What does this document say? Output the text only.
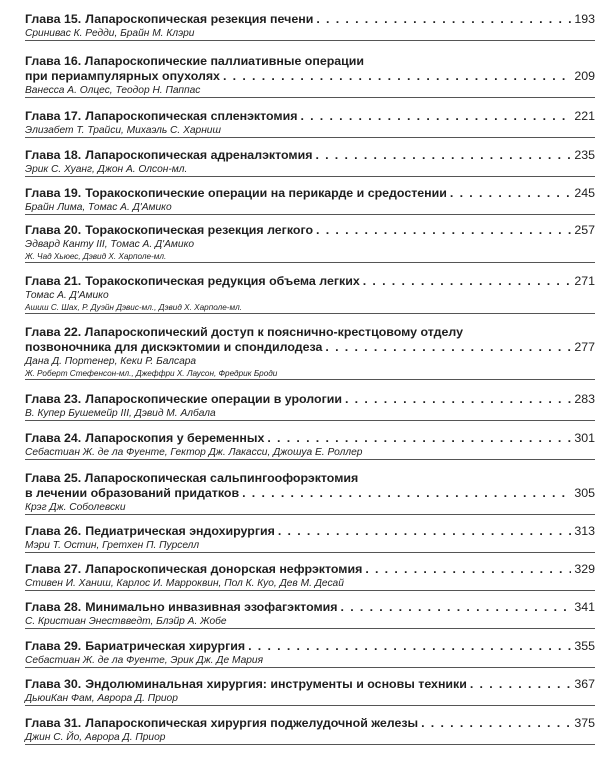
Глава 15. Лапароскопическая резекция печени . . .	193
Сринивас К. Редди, Брайн М. Клэри
Глава 16. Лапароскопические паллиативные операции
при периампулярных опухолях . . .	209
Ванесса А. Олцес, Теодор Н. Паппас
Глава 17. Лапароскопическая спленэктомия . . .	221
Элизабет Т. Трайси, Михаэль С. Харниш
Глава 18. Лапароскопическая адреналэктомия . . .	235
Эрик С. Хуанг, Джон А. Олсон-мл.
Глава 19. Торакоскопические операции на перикарде и средостении . . .	245
Брайн Лима, Томас А. Д'Амико
Глава 20. Торакоскопическая резекция легкого . . .	257
Эдвард Канту III, Томас А. Д'Амико
Ж. Чад Хьюес, Дэвид Х. Харполе-мл.
Глава 21. Торакоскопическая редукция объема легких . . .	271
Томас А. Д'Амико
Ашиш С. Шах, Р. Дуэйн Дэвис-мл., Дэвид Х. Харполе-мл.
Глава 22. Лапароскопический доступ к пояснично-крестцовому отделу
позвоночника для дискэктомии и спондилодеза . . .	277
Дана Д. Портенер, Кеки Р. Балсара
Ж. Роберт Стефенсон-мл., Джеффри Х. Лаусон, Фредрик Броди
Глава 23. Лапароскопические операции в урологии . . .	283
В. Купер Бушемейр III, Дэвид М. Албала
Глава 24. Лапароскопия у беременных . . .	301
Себастиан Ж. де ла Фуенте, Гектор Дж. Лакасси, Джошуа Е. Роллер
Глава 25. Лапароскопическая сальпингоофорэктомия
в лечении образований придатков . . .	305
Крэг Дж. Соболевски
Глава 26. Педиатрическая эндохирургия . . .	313
Мэри Т. Остин, Гретхен П. Пурселл
Глава 27. Лапароскопическая донорская нефрэктомия . . .	329
Стивен И. Ханиш, Карлос И. Марроквин, Пол К. Куо, Дев М. Десай
Глава 28. Минимально инвазивная эзофагэктомия . . .	341
С. Кристиан Энествведт, Блэйр А. Жобе
Глава 29. Бариатрическая хирургия . . .	355
Себастиан Ж. де ла Фуенте, Эрик Дж. Де Мария
Глава 30. Эндолюминальная хирургия: инструменты и основы техники . . .	367
ДьюиКан Фам, Аврора Д. Приор
Глава 31. Лапароскопическая хирургия поджелудочной железы . . .	375
Джин С. Йо, Аврора Д. Приор
